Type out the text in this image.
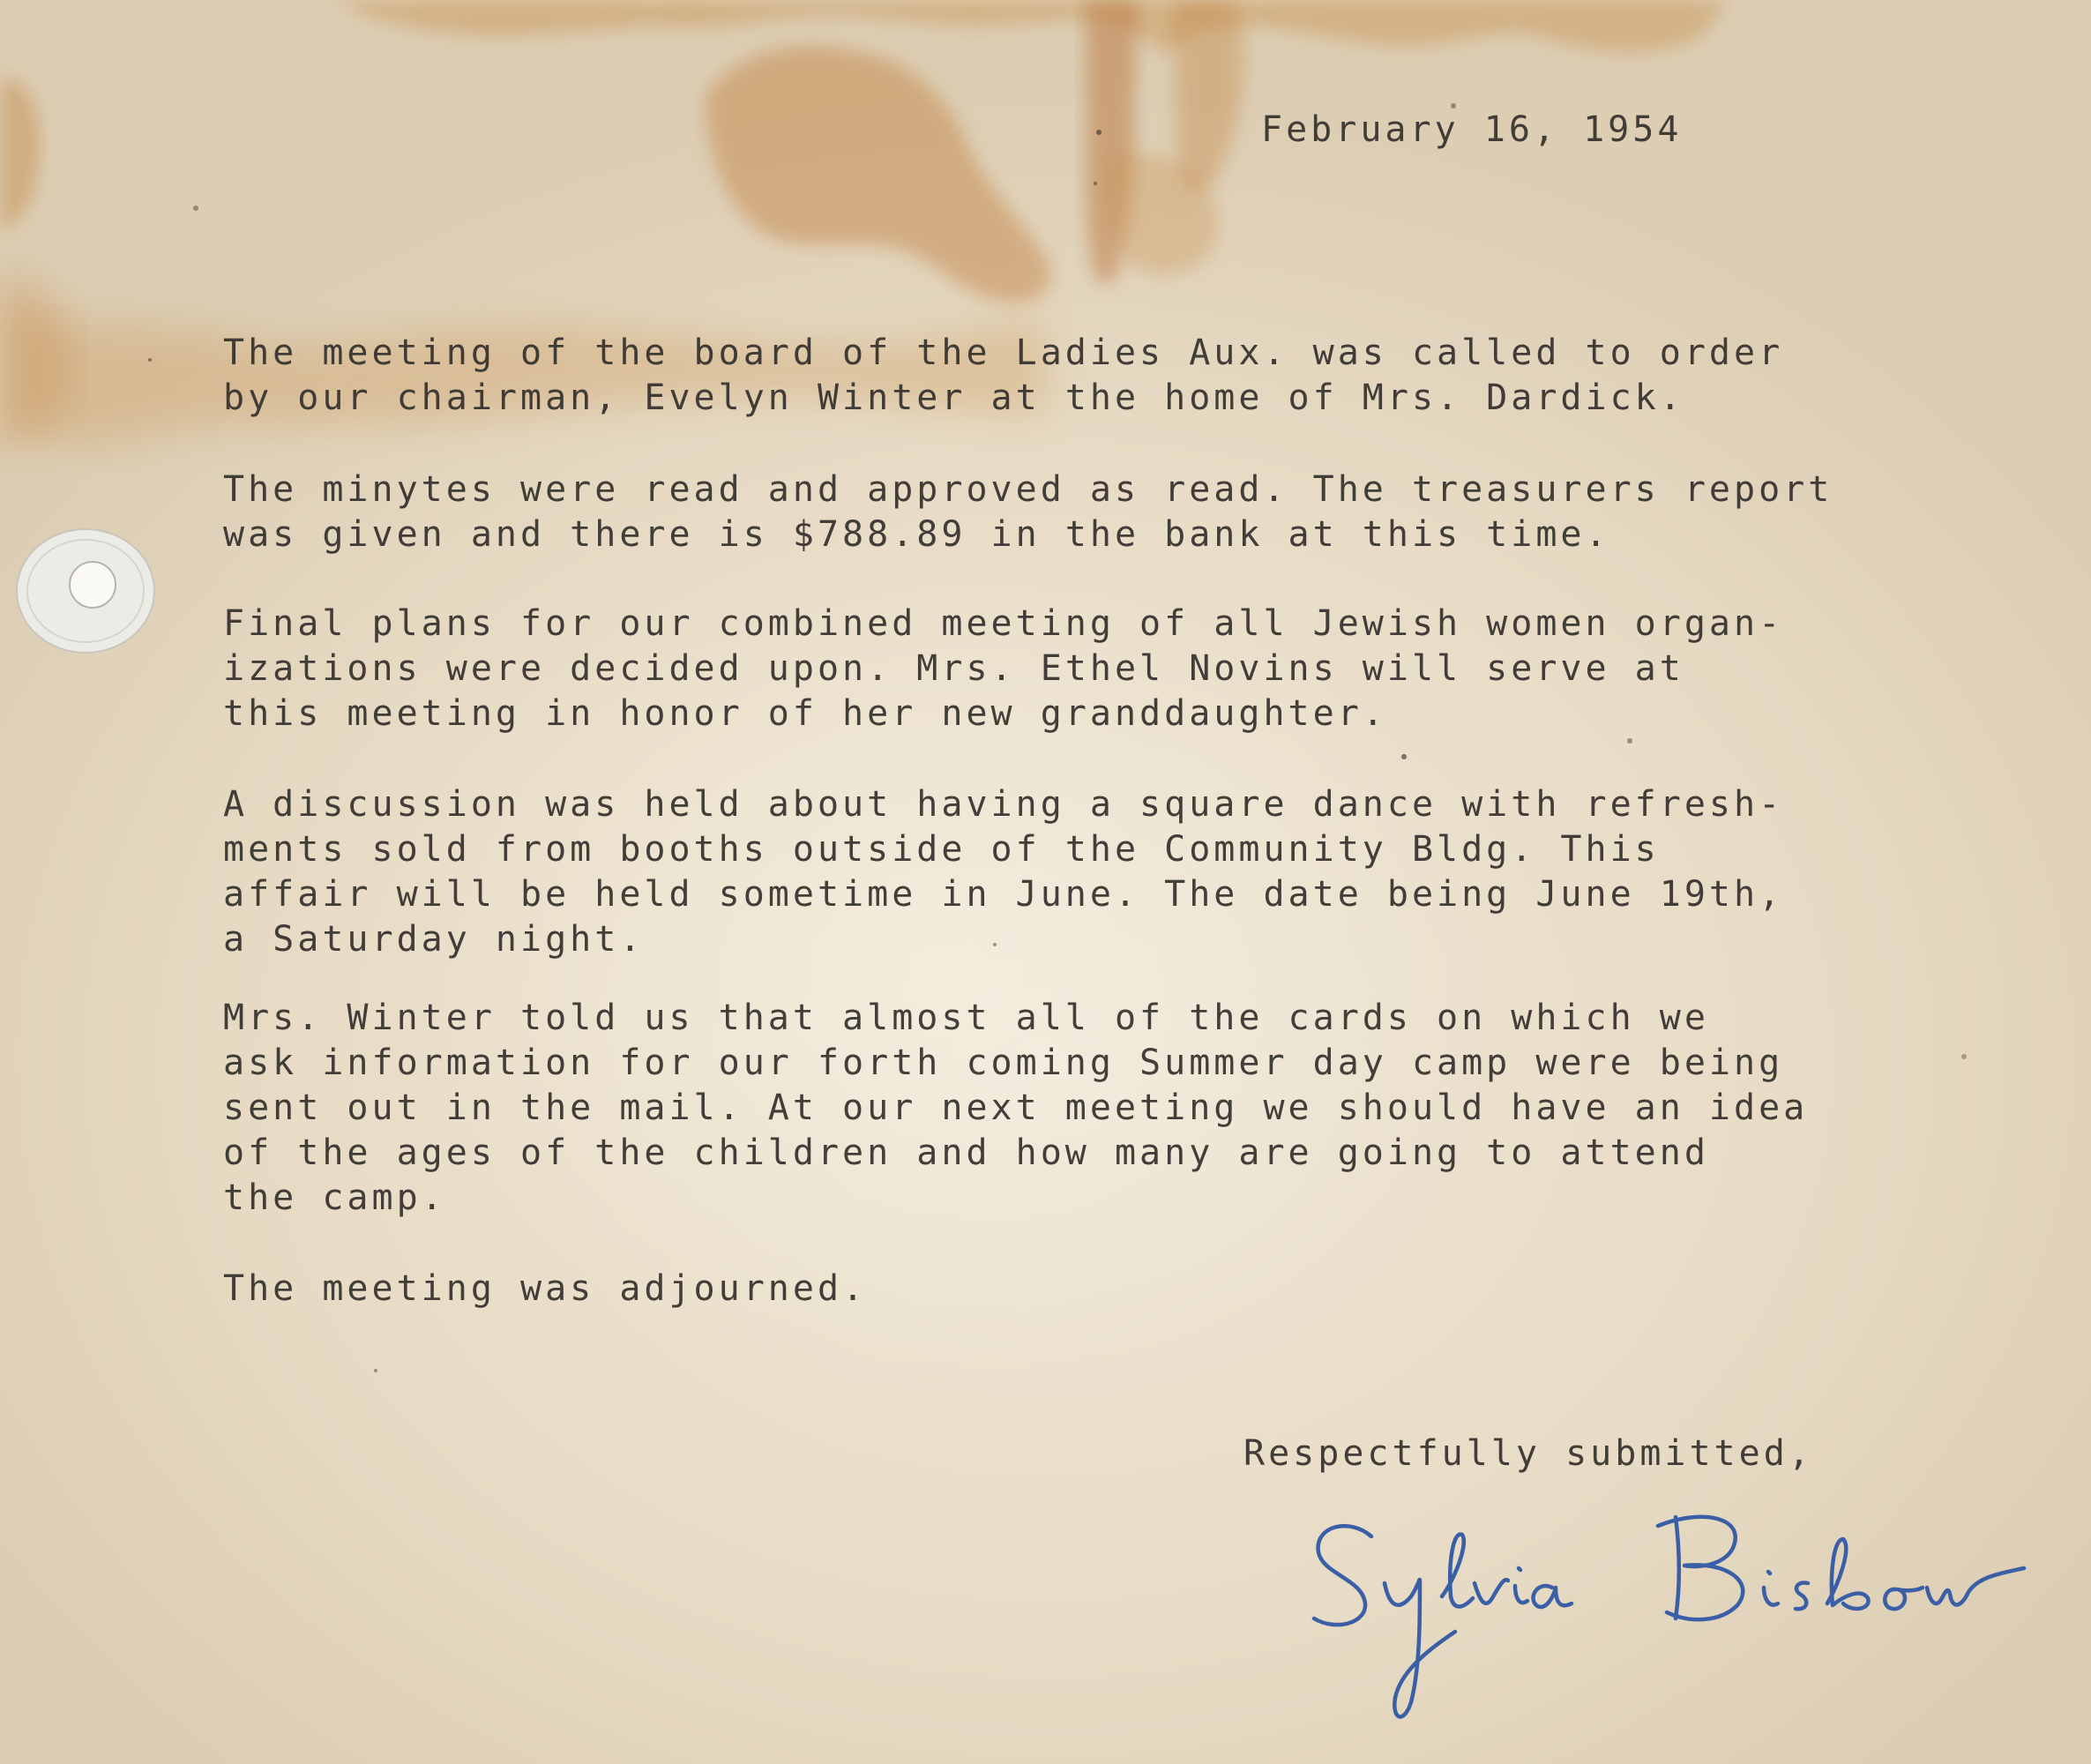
February 16, 1954

The meeting of the board of the Ladies Aux. was called to order
by our chairman, Evelyn Winter at the home of Mrs. Dardick.

The minytes were read and approved as read. The treasurers report
was given and there is $788.89 in the bank at this time.

Final plans for our combined meeting of all Jewish women organ-
izations were decided upon. Mrs. Ethel Novins will serve at
this meeting in honor of her new granddaughter.

A discussion was held about having a square dance with refresh-
ments sold from booths outside of the Community Bldg. This
affair will be held sometime in June. The date being June 19th,
a Saturday night.

Mrs. Winter told us that almost all of the cards on which we
ask information for our forth coming Summer day camp were being
sent out in the mail. At our next meeting we should have an idea
of the ages of the children and how many are going to attend
the camp.

The meeting was adjourned.

Respectfully submitted,
